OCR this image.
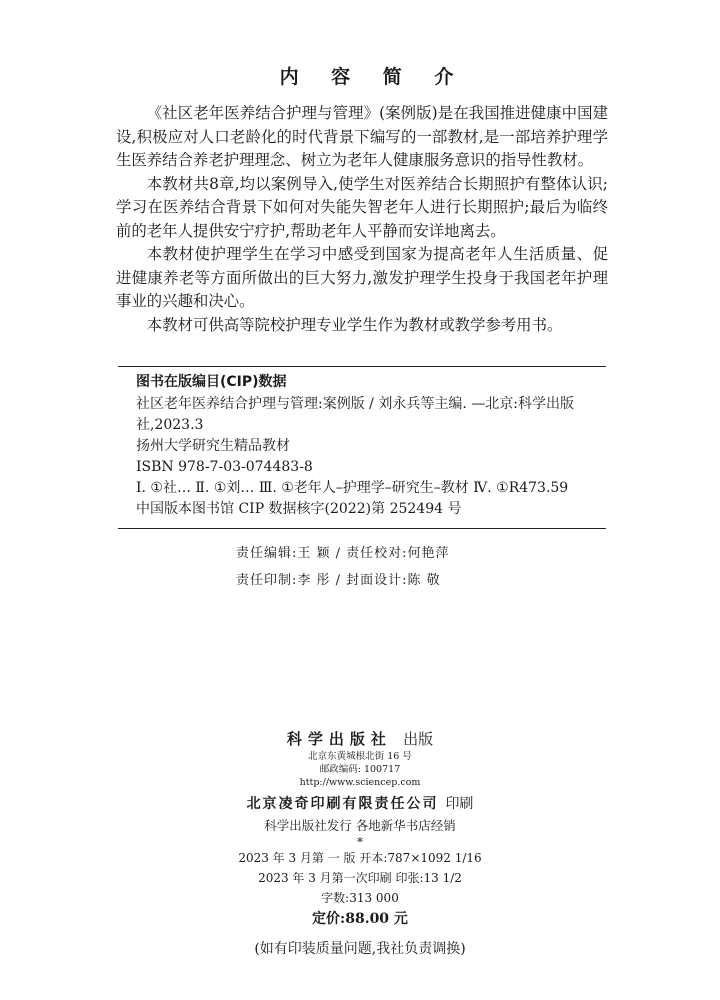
内 容 简 介

《社区老年医养结合护理与管理》(案例版)是在我国推进健康中国建设,积极应对人口老龄化的时代背景下编写的一部教材,是一部培养护理学生医养结合养老护理理念、树立为老年人健康服务意识的指导性教材。

本教材共8章,均以案例导入,使学生对医养结合长期照护有整体认识;学习在医养结合背景下如何对失能失智老年人进行长期照护;最后为临终前的老年人提供安宁疗护,帮助老年人平静而安详地离去。

本教材使护理学生在学习中感受到国家为提高老年人生活质量、促进健康养老等方面所做出的巨大努力,激发护理学生投身于我国老年护理事业的兴趣和决心。

本教材可供高等院校护理专业学生作为教材或教学参考用书。

图书在版编目(CIP)数据
社区老年医养结合护理与管理:案例版 / 刘永兵等主编. —北京:科学出版社,2023.3
扬州大学研究生精品教材
ISBN 978-7-03-074483-8
Ⅰ. ①社… Ⅱ. ①刘… Ⅲ. ①老年人–护理学–研究生–教材 Ⅳ. ①R473.59
中国版本图书馆 CIP 数据核字(2022)第 252494 号
责任编辑:王 颖 / 责任校对:何艳萍
责任印制:李 彤 / 封面设计:陈 敬
科学出版社 出版
北京东黄城根北街 16 号
邮政编码: 100717
http://www.sciencep.com
北京凌奇印刷有限责任公司 印刷
科学出版社发行 各地新华书店经销
*
2023 年 3 月第 一 版 开本:787×1092 1/16
2023 年 3 月第一次印刷 印张:13 1/2
字数:313 000
定价:88.00 元
(如有印装质量问题,我社负责调换)
